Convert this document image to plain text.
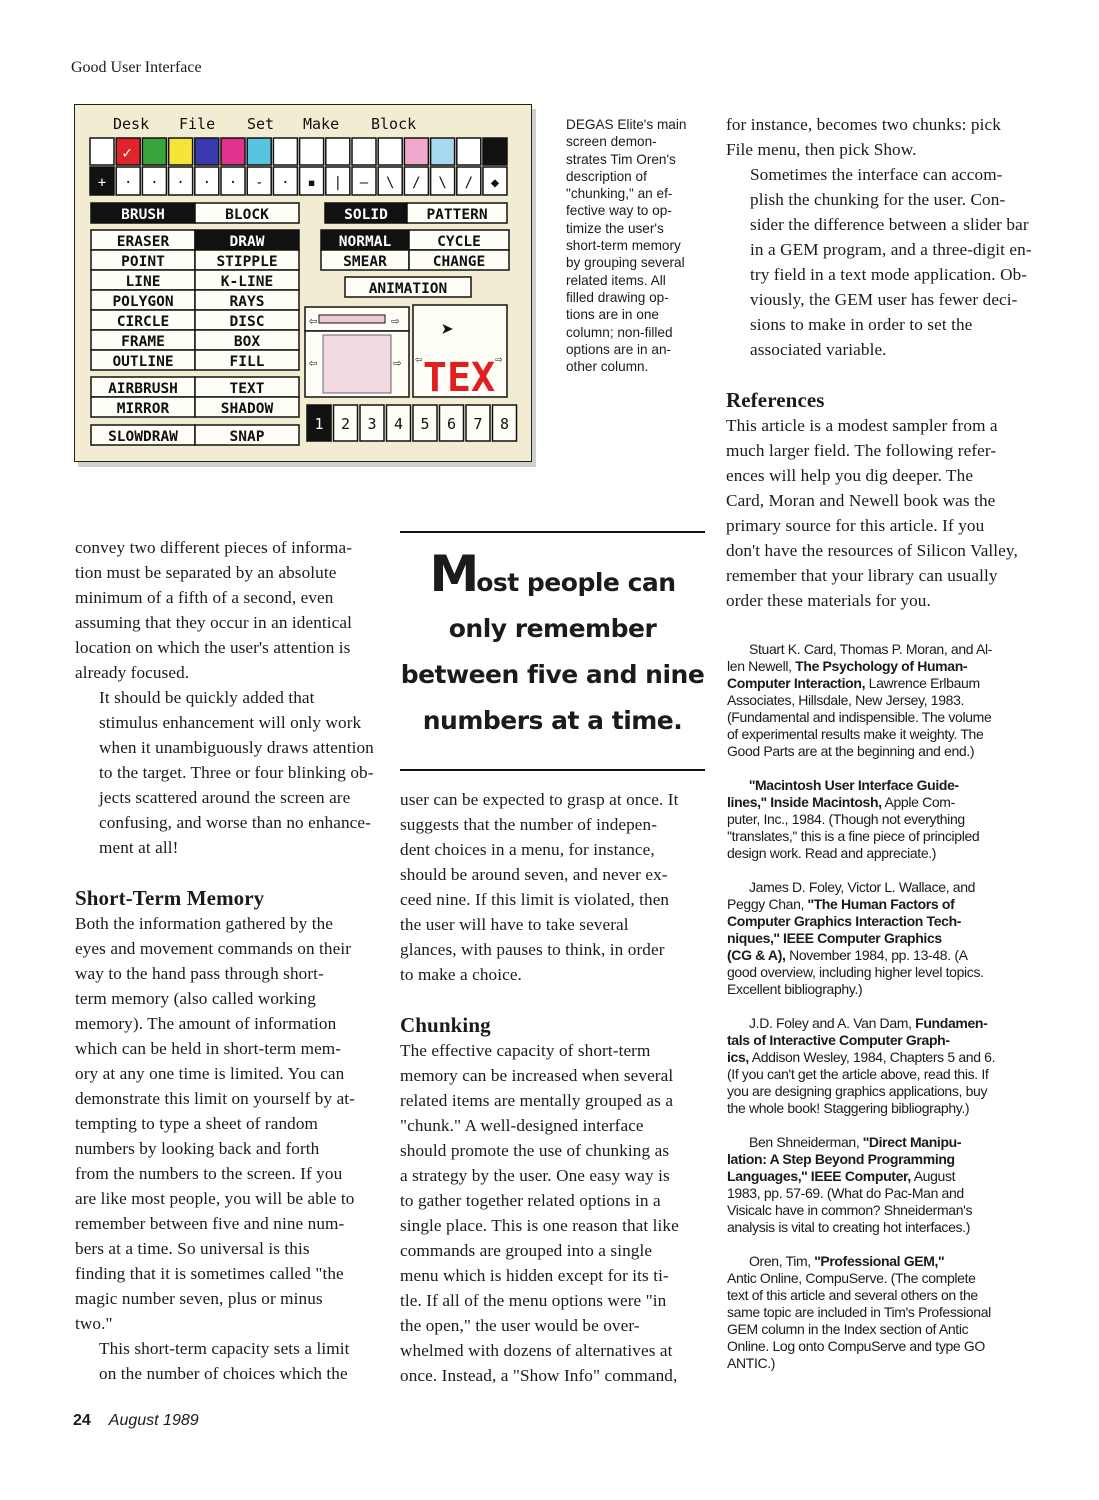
Good User Interface
Desk File Set Make Block
✓
+ · · · · · - · ▪ | — \ / \ / ◆
BRUSH	BLOCK
ERASER	DRAW
POINT	STIPPLE
LINE	K-LINE
POLYGON	RAYS
CIRCLE	DISC
FRAME	BOX
OUTLINE	FILL
AIRBRUSH	TEXT
MIRROR	SHADOW
SLOWDRAW	SNAP
SOLID	PATTERN
NORMAL	CYCLE
SMEAR	CHANGE
ANIMATION
⇦	⇨
⇦	⇨
➤
TEX
⇦	⇨
1 2 3 4 5 6 7 8
DEGAS Elite's main
screen demon-
strates Tim Oren's
description of
"chunking," an ef-
fective way to op-
timize the user's
short-term memory
by grouping several
related items. All
filled drawing op-
tions are in one
column; non-filled
options are in an-
other column.

convey two different pieces of informa-
tion must be separated by an absolute
minimum of a fifth of a second, even
assuming that they occur in an identical
location on which the user's attention is
already focused.

It should be quickly added that
stimulus enhancement will only work
when it unambiguously draws attention
to the target. Three or four blinking ob-
jects scattered around the screen are
confusing, and worse than no enhance-
ment at all!

Short-Term Memory

Both the information gathered by the
eyes and movement commands on their
way to the hand pass through short-
term memory (also called working
memory). The amount of information
which can be held in short-term mem-
ory at any one time is limited. You can
demonstrate this limit on yourself by at-
tempting to type a sheet of random
numbers by looking back and forth
from the numbers to the screen. If you
are like most people, you will be able to
remember between five and nine num-
bers at a time. So universal is this
finding that it is sometimes called "the
magic number seven, plus or minus
two."

This short-term capacity sets a limit
on the number of choices which the

Most people can
only remember
between five and nine
numbers at a time.

user can be expected to grasp at once. It
suggests that the number of indepen-
dent choices in a menu, for instance,
should be around seven, and never ex-
ceed nine. If this limit is violated, then
the user will have to take several
glances, with pauses to think, in order
to make a choice.

Chunking

The effective capacity of short-term
memory can be increased when several
related items are mentally grouped as a
"chunk." A well-designed interface
should promote the use of chunking as
a strategy by the user. One easy way is
to gather together related options in a
single place. This is one reason that like
commands are grouped into a single
menu which is hidden except for its ti-
tle. If all of the menu options were "in
the open," the user would be over-
whelmed with dozens of alternatives at
once. Instead, a "Show Info" command,

for instance, becomes two chunks: pick
File menu, then pick Show.

Sometimes the interface can accom-
plish the chunking for the user. Con-
sider the difference between a slider bar
in a GEM program, and a three-digit en-
try field in a text mode application. Ob-
viously, the GEM user has fewer deci-
sions to make in order to set the
associated variable.

References

This article is a modest sampler from a
much larger field. The following refer-
ences will help you dig deeper. The
Card, Moran and Newell book was the
primary source for this article. If you
don't have the resources of Silicon Valley,
remember that your library can usually
order these materials for you.

Stuart K. Card, Thomas P. Moran, and Al-
len Newell, The Psychology of Human-
Computer Interaction, Lawrence Erlbaum
Associates, Hillsdale, New Jersey, 1983.
(Fundamental and indispensible. The volume
of experimental results make it weighty. The
Good Parts are at the beginning and end.)
''Macintosh User Interface Guide-
lines,'' Inside Macintosh, Apple Com-
puter, Inc., 1984. (Though not everything
''translates,'' this is a fine piece of principled
design work. Read and appreciate.)
James D. Foley, Victor L. Wallace, and
Peggy Chan, ''The Human Factors of
Computer Graphics Interaction Tech-
niques,'' IEEE Computer Graphics
(CG & A), November 1984, pp. 13-48. (A
good overview, including higher level topics.
Excellent bibliography.)
J.D. Foley and A. Van Dam, Fundamen-
tals of Interactive Computer Graph-
ics, Addison Wesley, 1984, Chapters 5 and 6.
(If you can't get the article above, read this. If
you are designing graphics applications, buy
the whole book! Staggering bibliography.)
Ben Shneiderman, ''Direct Manipu-
lation: A Step Beyond Programming
Languages,'' IEEE Computer, August
1983, pp. 57-69. (What do Pac-Man and
Visicalc have in common? Shneiderman's
analysis is vital to creating hot interfaces.)
Oren, Tim, ''Professional GEM,''
Antic Online, CompuServe. (The complete
text of this article and several others on the
same topic are included in Tim's Professional
GEM column in the Index section of Antic
Online. Log onto CompuServe and type GO
ANTIC.)
24 August 1989
